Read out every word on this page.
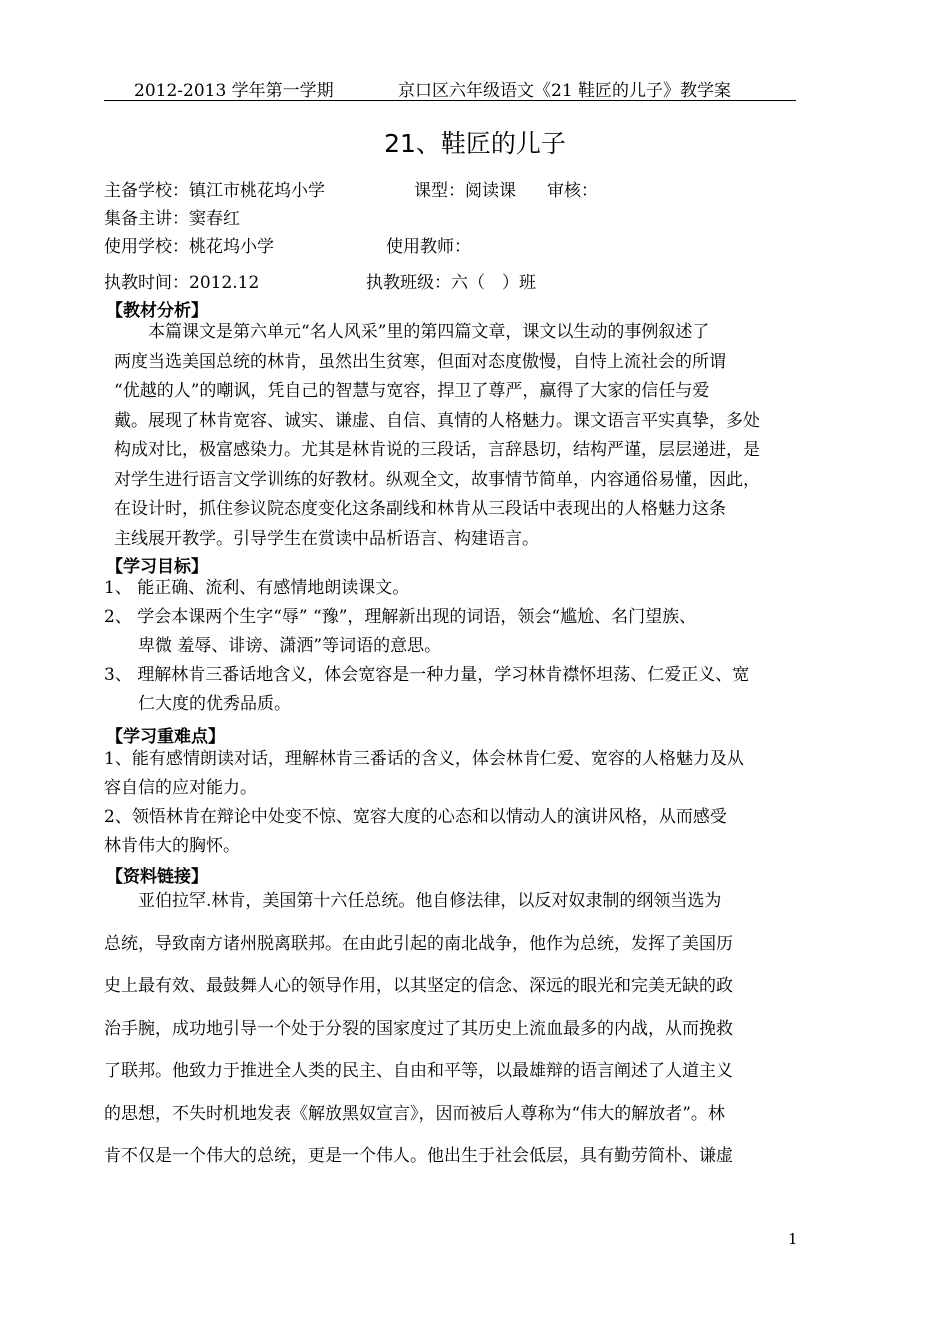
2012-2013 学年第一学期	京口区六年级语文《21 鞋匠的儿子》教学案
21、鞋匠的儿子
主备学校：镇江市桃花坞小学	课型：阅读课 审核：
集备主讲：窦春红
使用学校：桃花坞小学	使用教师：
执教时间：2012.12	执教班级：六（　）班
【教材分析】
本篇课文是第六单元“名人风采”里的第四篇文章，课文以生动的事例叙述了
两度当选美国总统的林肯，虽然出生贫寒，但面对态度傲慢，自恃上流社会的所谓
“优越的人”的嘲讽，凭自己的智慧与宽容，捍卫了尊严，赢得了大家的信任与爱
戴。展现了林肯宽容、诚实、谦虚、自信、真情的人格魅力。课文语言平实真挚，多处
构成对比，极富感染力。尤其是林肯说的三段话，言辞恳切，结构严谨，层层递进，是
对学生进行语言文学训练的好教材。纵观全文，故事情节简单，内容通俗易懂，因此，
在设计时，抓住参议院态度变化这条副线和林肯从三段话中表现出的人格魅力这条
主线展开教学。引导学生在赏读中品析语言、构建语言。
【学习目标】
1、 能正确、流利、有感情地朗读课文。
2、 学会本课两个生字“辱” “豫”，理解新出现的词语，领会“尴尬、名门望族、
卑微 羞辱、诽谤、潇洒”等词语的意思。
3、 理解林肯三番话地含义，体会宽容是一种力量，学习林肯襟怀坦荡、仁爱正义、宽
仁大度的优秀品质。
【学习重难点】
1、能有感情朗读对话，理解林肯三番话的含义，体会林肯仁爱、宽容的人格魅力及从
容自信的应对能力。
2、领悟林肯在辩论中处变不惊、宽容大度的心态和以情动人的演讲风格，从而感受
林肯伟大的胸怀。
【资料链接】
　　亚伯拉罕.林肯，美国第十六任总统。他自修法律，以反对奴隶制的纲领当选为
总统，导致南方诸州脱离联邦。在由此引起的南北战争，他作为总统，发挥了美国历
史上最有效、最鼓舞人心的领导作用，以其坚定的信念、深远的眼光和完美无缺的政
治手腕，成功地引导一个处于分裂的国家度过了其历史上流血最多的内战，从而挽救
了联邦。他致力于推进全人类的民主、自由和平等，以最雄辩的语言阐述了人道主义
的思想，不失时机地发表《解放黑奴宣言》，因而被后人尊称为“伟大的解放者”。林
肯不仅是一个伟大的总统，更是一个伟人。他出生于社会低层，具有勤劳简朴、谦虚
1
